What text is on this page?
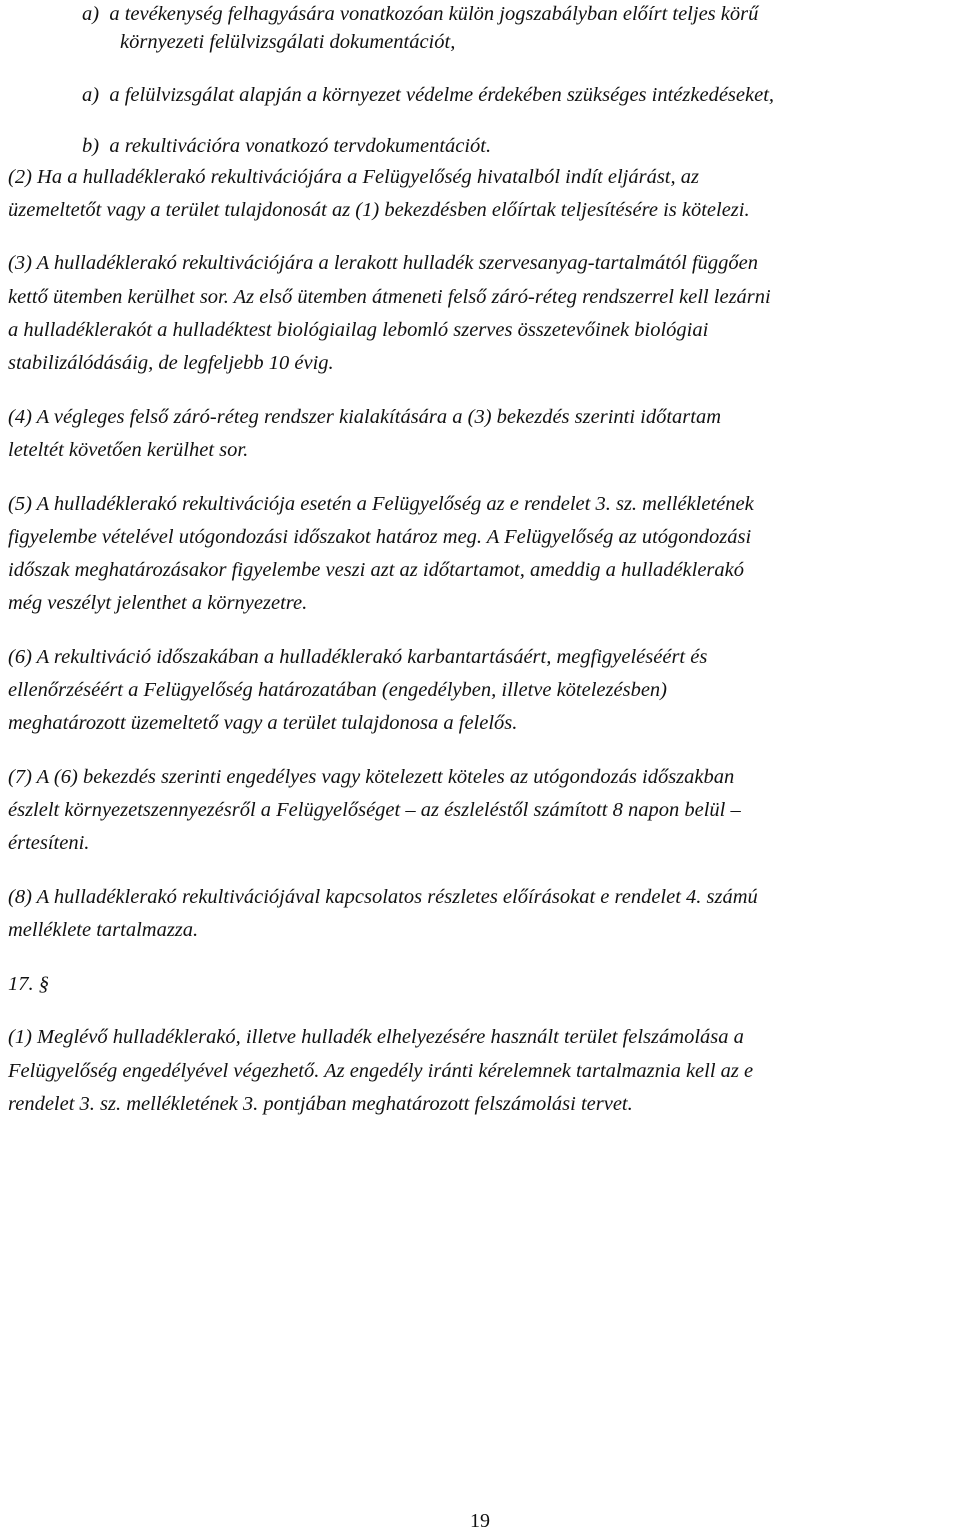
a) a tevékenység felhagyására vonatkozóan külön jogszabályban előírt teljes körű
környezeti felülvizsgálati dokumentációt,
a) a felülvizsgálat alapján a környezet védelme érdekében szükséges intézkedéseket,
b) a rekultivációra vonatkozó tervdokumentációt.
(2) Ha a hulladéklerakó rekultivációjára a Felügyelőség hivatalból indít eljárást, az
üzemeltetőt vagy a terület tulajdonosát az (1) bekezdésben előírtak teljesítésére is kötelezi.
(3) A hulladéklerakó rekultivációjára a lerakott hulladék szervesanyag-tartalmától függően
kettő ütemben kerülhet sor. Az első ütemben átmeneti felső záró-réteg rendszerrel kell lezárni
a hulladéklerakót a hulladéktest biológiailag lebomló szerves összetevőinek biológiai
stabilizálódásáig, de legfeljebb 10 évig.
(4) A végleges felső záró-réteg rendszer kialakítására a (3) bekezdés szerinti időtartam
leteltét követően kerülhet sor.
(5) A hulladéklerakó rekultivációja esetén a Felügyelőség az e rendelet 3. sz. mellékletének
figyelembe vételével utógondozási időszakot határoz meg. A Felügyelőség az utógondozási
időszak meghatározásakor figyelembe veszi azt az időtartamot, ameddig a hulladéklerakó
még veszélyt jelenthet a környezetre.
(6) A rekultiváció időszakában a hulladéklerakó karbantartásáért, megfigyeléséért és
ellenőrzéséért a Felügyelőség határozatában (engedélyben, illetve kötelezésben)
meghatározott üzemeltető vagy a terület tulajdonosa a felelős.
(7) A (6) bekezdés szerinti engedélyes vagy kötelezett köteles az utógondozás időszakban
észlelt környezetszennyezésről a Felügyelőséget – az észleléstől számított 8 napon belül –
értesíteni.
(8) A hulladéklerakó rekultivációjával kapcsolatos részletes előírásokat e rendelet 4. számú
melléklete tartalmazza.
17. §
(1) Meglévő hulladéklerakó, illetve hulladék elhelyezésére használt terület felszámolása a
Felügyelőség engedélyével végezhető. Az engedély iránti kérelemnek tartalmaznia kell az e
rendelet 3. sz. mellékletének 3. pontjában meghatározott felszámolási tervet.
19
